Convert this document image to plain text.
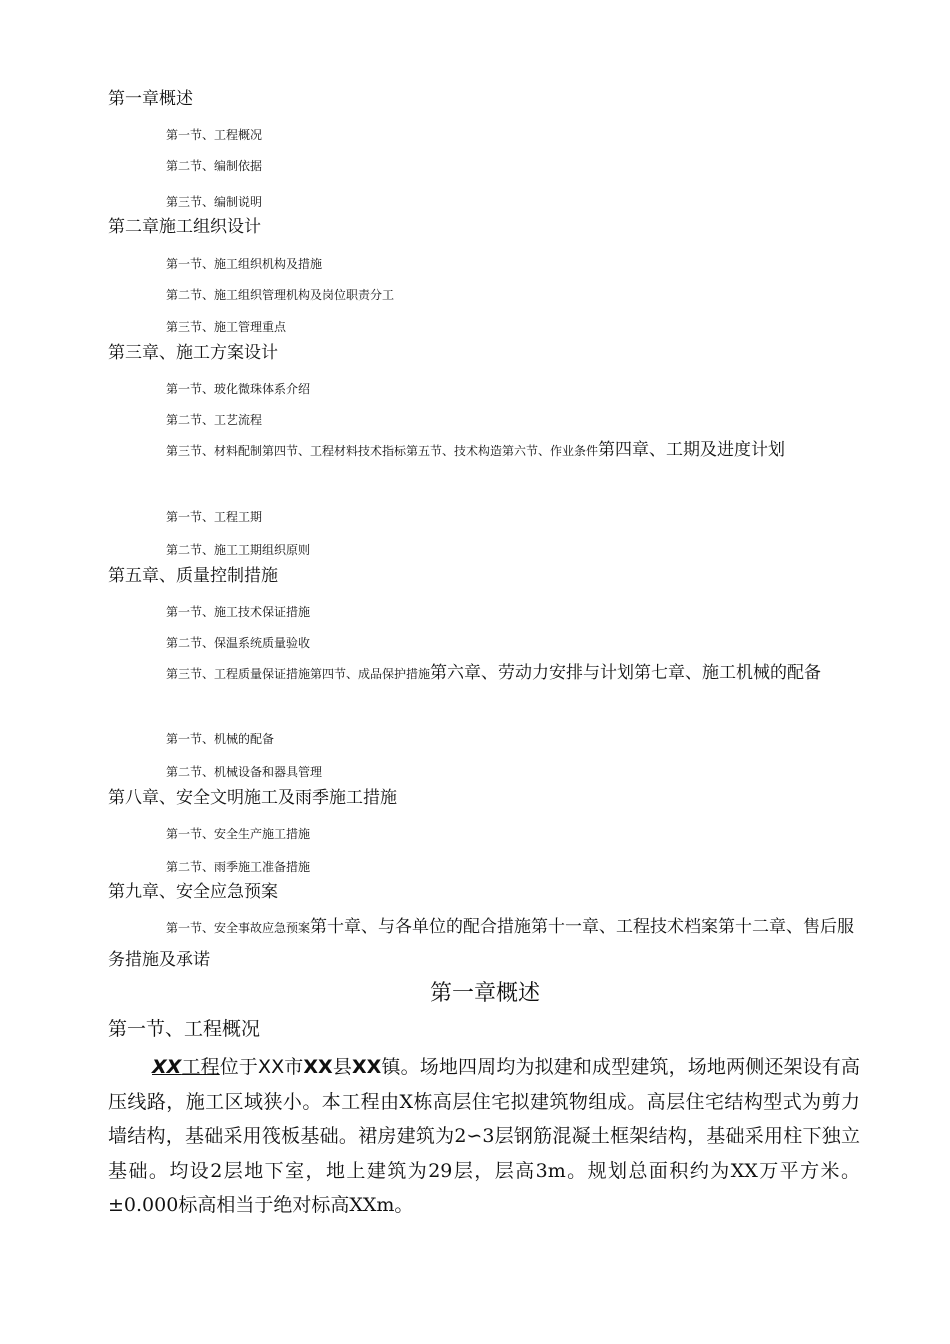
第一章概述
第一节、工程概况
第二节、编制依据
第三节、编制说明
第二章施工组织设计
第一节、施工组织机构及措施
第二节、施工组织管理机构及岗位职责分工
第三节、施工管理重点
第三章、施工方案设计
第一节、玻化微珠体系介绍
第二节、工艺流程
第三节、材料配制第四节、工程材料技术指标第五节、技术构造第六节、作业条件第四章、工期及进度计划
第一节、工程工期
第二节、施工工期组织原则
第五章、质量控制措施
第一节、施工技术保证措施
第二节、保温系统质量验收
第三节、工程质量保证措施第四节、成品保护措施第六章、劳动力安排与计划第七章、施工机械的配备
第一节、机械的配备
第二节、机械设备和器具管理
第八章、安全文明施工及雨季施工措施
第一节、安全生产施工措施
第二节、雨季施工准备措施
第九章、安全应急预案
第一节、安全事故应急预案第十章、与各单位的配合措施第十一章、工程技术档案第十二章、售后服务措施及承诺
第一章概述
第一节、工程概况
XX工程位于XX市XX县XX镇。场地四周均为拟建和成型建筑，场地两侧还架设有高压线路，施工区域狭小。本工程由X栋高层住宅拟建筑物组成。高层住宅结构型式为剪力墙结构，基础采用筏板基础。裙房建筑为2∽3层钢筋混凝土框架结构，基础采用柱下独立基础。均设2层地下室，地上建筑为29层，层高3m。规划总面积约为XX万平方米。±0.000标高相当于绝对标高XXm。
